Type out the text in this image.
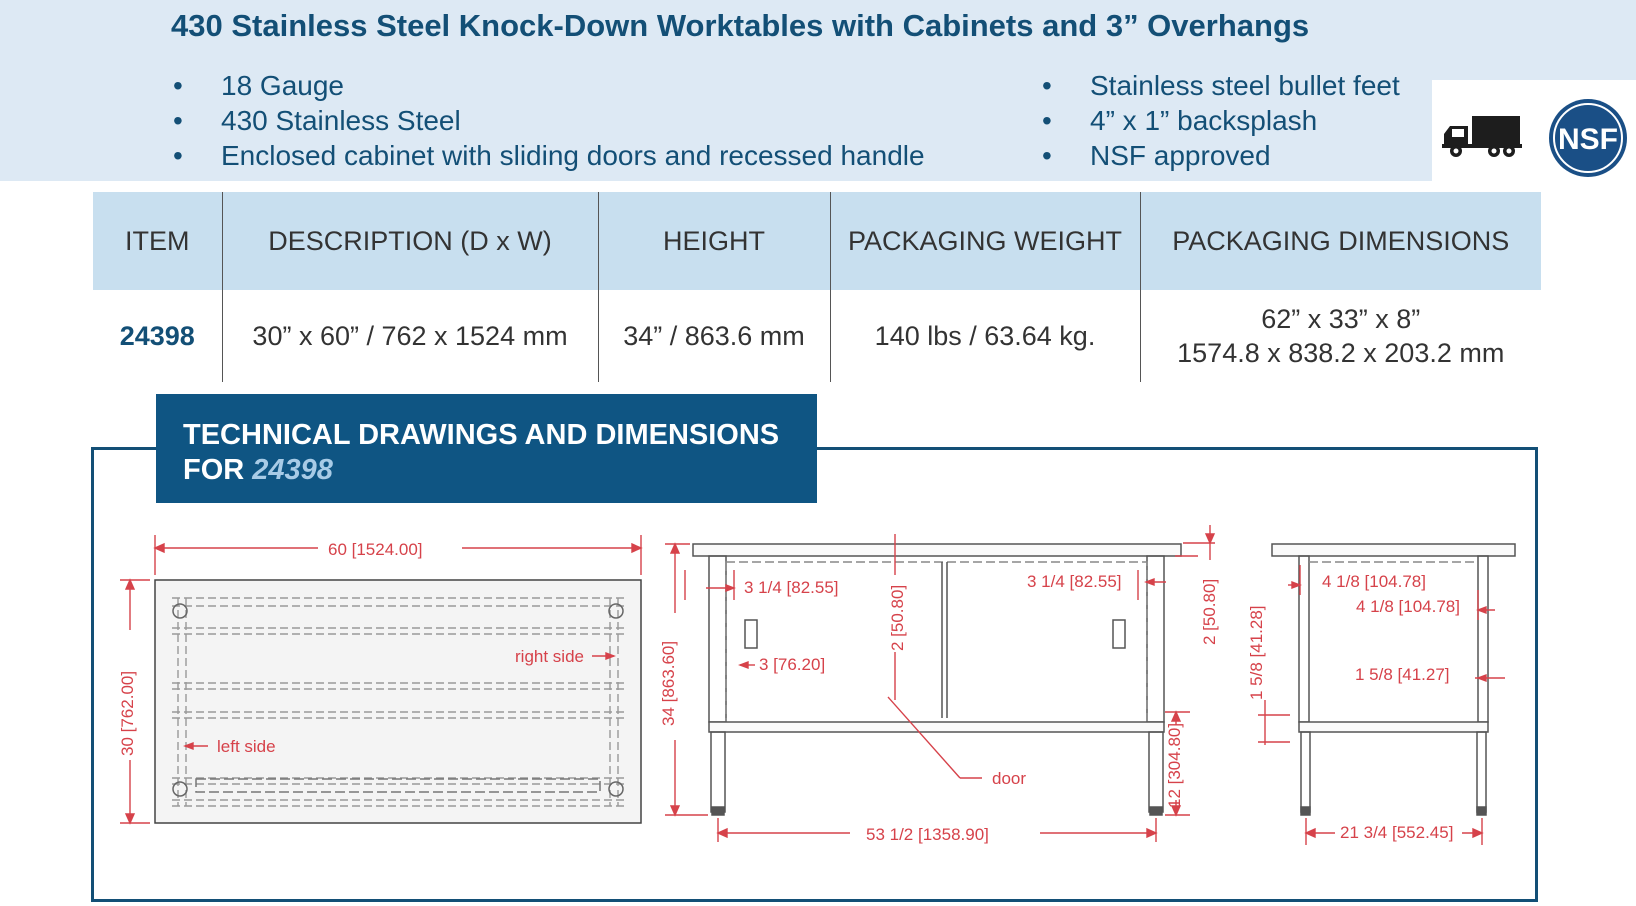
430 Stainless Steel Knock-Down Worktables with Cabinets and 3” Overhangs
• 18 Gauge
• 430 Stainless Steel
• Enclosed cabinet with sliding doors and recessed handle
• Stainless steel bullet feet
• 4” x 1” backsplash
• NSF approved	NSF
ITEM	DESCRIPTION (D x W)	HEIGHT	PACKAGING WEIGHT	PACKAGING DIMENSIONS
24398	30” x 60” / 762 x 1524 mm	34” / 863.6 mm	140 lbs / 63.64 kg.	62” x 33” x 8”
1574.8 x 838.2 x 203.2 mm
TECHNICAL DRAWINGS AND DIMENSIONS
FOR 24398
60 [1524.00]
30 [762.00]
right side
left side
34 [863.60]
3 1/4 [82.55]	3 1/4 [82.55]
2 [50.80]	2 [50.80]
3 [76.20]
12 [304.80]
door
53 1/2 [1358.90]
4 1/8 [104.78]
4 1/8 [104.78]
1 5/8 [41.28]	1 5/8 [41.27]
21 3/4 [552.45]
